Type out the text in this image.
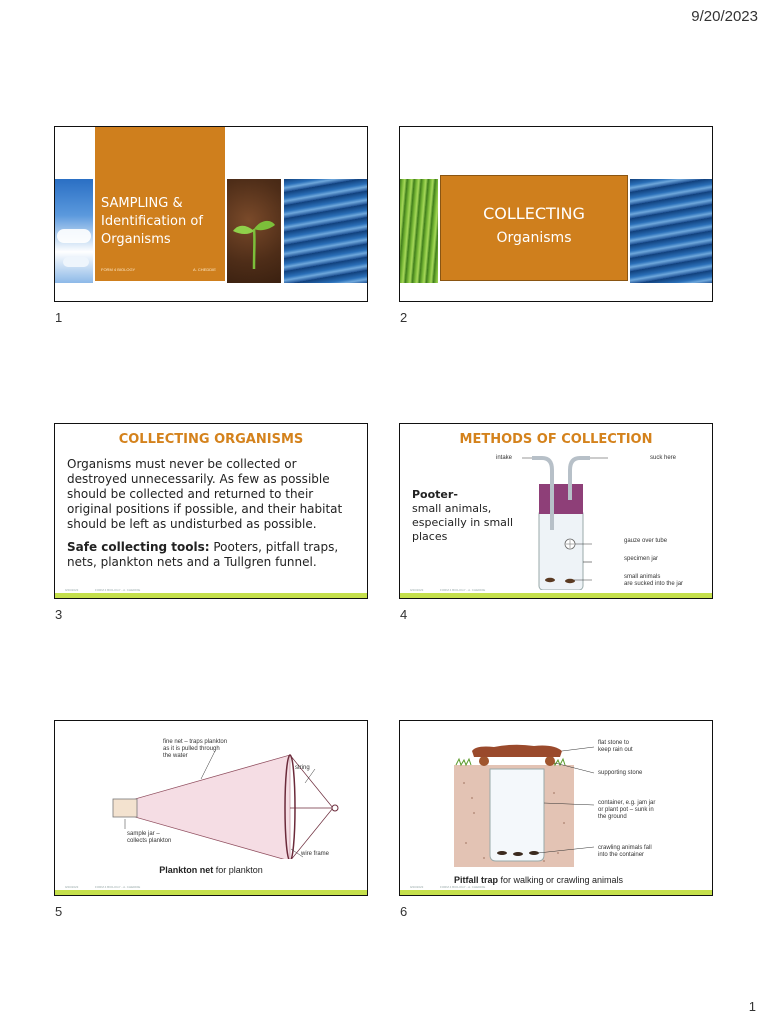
9/20/2023
SAMPLING &
Identification of
Organisms
FORM 4 BIOLOGY	A. CHEDDIE
1
COLLECTING
Organisms
2
COLLECTING ORGANISMS
Organisms must never be collected or destroyed unnecessarily. As few as possible should be collected and returned to their original positions if possible, and their habitat should be left as undisturbed as possible.
Safe collecting tools: Pooters, pitfall traps, nets, plankton nets and a Tullgren funnel.
9/20/2023	FORM 4 BIOLOGY - A. CHEDDIE
3
METHODS OF COLLECTION
Pooter-
small animals, especially in small places
intake	suck here
gauze over tube
specimen jar
small animals
are sucked into the jar
9/20/2023	FORM 4 BIOLOGY - A. CHEDDIE
4
fine net – traps plankton
as it is pulled through
the water
string
sample jar –
collects plankton
wire frame
Plankton net for plankton
9/20/2023	FORM 4 BIOLOGY - A. CHEDDIE
5
flat stone to
keep rain out
supporting stone
container, e.g. jam jar
or plant pot – sunk in
the ground
crawling animals fall
into the container
Pitfall trap for walking or crawling animals
9/20/2023	FORM 4 BIOLOGY - A. CHEDDIE
6
1
